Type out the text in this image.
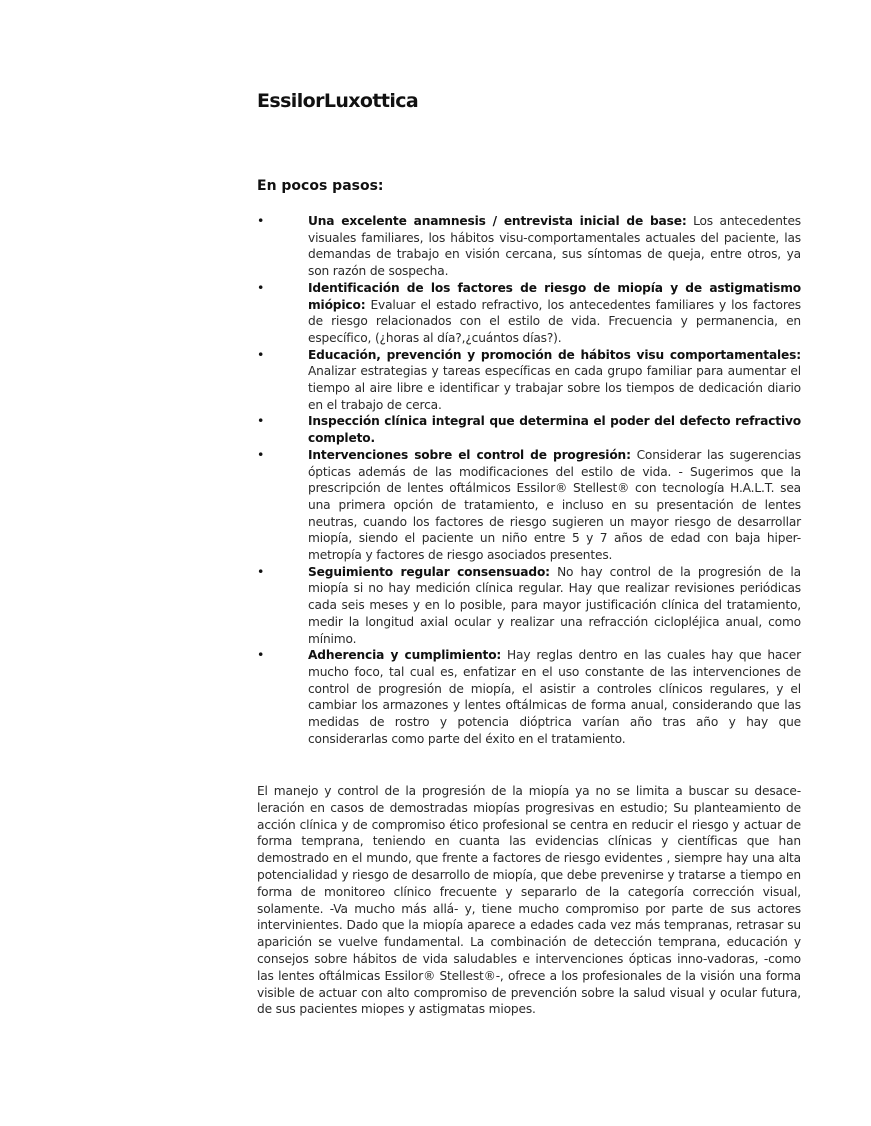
EssilorLuxottica
En pocos pasos:
•	Una excelente anamnesis / entrevista inicial de base: Los antecedentes visuales familiares, los hábitos visu-comportamentales actuales del paciente, las demandas de trabajo en visión cercana, sus síntomas de queja, entre otros, ya son razón de sospecha.
•	Identificación de los factores de riesgo de miopía y de astigmatismo miópico: Evaluar el estado refractivo, los antecedentes familiares y los factores de riesgo relacionados con el estilo de vida. Frecuencia y permanencia, en específico, (¿horas al día?,¿cuántos días?).
•	Educación, prevención y promoción de hábitos visu comportamentales: Analizar estrategias y tareas específicas en cada grupo familiar para aumentar el tiempo al aire libre e identificar y trabajar sobre los tiempos de dedicación diario en el trabajo de cerca.
•	Inspección clínica integral que determina el poder del defecto refractivo completo.
•	Intervenciones sobre el control de progresión: Considerar las sugerencias ópticas además de las modificaciones del estilo de vida. - Sugerimos que la prescripción de lentes oftálmicos Essilor® Stellest® con tecnología H.A.L.T. sea una primera opción de tratamiento, e incluso en su presentación de lentes neutras, cuando los factores de riesgo sugieren un mayor riesgo de desarrollar miopía, siendo el paciente un niño entre 5 y 7 años de edad con baja hiper-metropía y factores de riesgo asociados presentes.
•	Seguimiento regular consensuado: No hay control de la progresión de la miopía si no hay medición clínica regular. Hay que realizar revisiones periódicas cada seis meses y en lo posible, para mayor justificación clínica del tratamiento, medir la longitud axial ocular y realizar una refracción ciclopléjica anual, como mínimo.
•	Adherencia y cumplimiento: Hay reglas dentro en las cuales hay que hacer mucho foco, tal cual es, enfatizar en el uso constante de las intervenciones de control de progresión de miopía, el asistir a controles clínicos regulares, y el cambiar los armazones y lentes oftálmicas de forma anual, considerando que las medidas de rostro y potencia dióptrica varían año tras año y hay que considerarlas como parte del éxito en el tratamiento.

El manejo y control de la progresión de la miopía ya no se limita a buscar su desace-leración en casos de demostradas miopías progresivas en estudio; Su planteamiento de acción clínica y de compromiso ético profesional se centra en reducir el riesgo y actuar de forma temprana, teniendo en cuanta las evidencias clínicas y científicas que han demostrado en el mundo, que frente a factores de riesgo evidentes , siempre hay una alta potencialidad y riesgo de desarrollo de miopía, que debe prevenirse y tratarse a tiempo en forma de monitoreo clínico frecuente y separarlo de la categoría corrección visual, solamente. -Va mucho más allá- y, tiene mucho compromiso por parte de sus actores intervinientes. Dado que la miopía aparece a edades cada vez más tempranas, retrasar su aparición se vuelve fundamental. La combinación de detección temprana, educación y consejos sobre hábitos de vida saludables e intervenciones ópticas inno-vadoras, -como las lentes oftálmicas Essilor® Stellest®-, ofrece a los profesionales de la visión una forma visible de actuar con alto compromiso de prevención sobre la salud visual y ocular futura, de sus pacientes miopes y astigmatas miopes.
